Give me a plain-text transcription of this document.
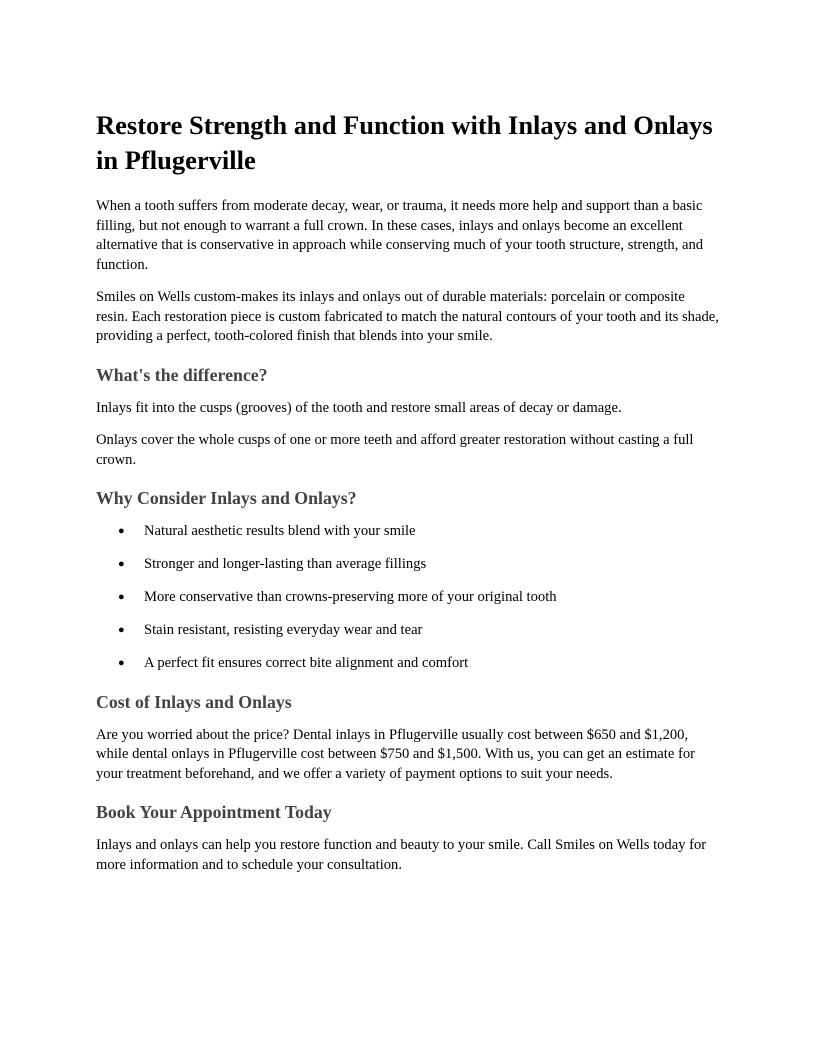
Restore Strength and Function with Inlays and Onlays in Pflugerville

When a tooth suffers from moderate decay, wear, or trauma, it needs more help and support than a basic filling, but not enough to warrant a full crown. In these cases, inlays and onlays become an excellent alternative that is conservative in approach while conserving much of your tooth structure, strength, and function.

Smiles on Wells custom-makes its inlays and onlays out of durable materials: porcelain or composite resin. Each restoration piece is custom fabricated to match the natural contours of your tooth and its shade, providing a perfect, tooth-colored finish that blends into your smile.

What's the difference?

Inlays fit into the cusps (grooves) of the tooth and restore small areas of decay or damage.

Onlays cover the whole cusps of one or more teeth and afford greater restoration without casting a full crown.

Why Consider Inlays and Onlays?
● Natural aesthetic results blend with your smile
● Stronger and longer-lasting than average fillings
● More conservative than crowns-preserving more of your original tooth
● Stain resistant, resisting everyday wear and tear
● A perfect fit ensures correct bite alignment and comfort
Cost of Inlays and Onlays

Are you worried about the price? Dental inlays in Pflugerville usually cost between $650 and $1,200, while dental onlays in Pflugerville cost between $750 and $1,500. With us, you can get an estimate for your treatment beforehand, and we offer a variety of payment options to suit your needs.

Book Your Appointment Today

Inlays and onlays can help you restore function and beauty to your smile. Call Smiles on Wells today for more information and to schedule your consultation.
